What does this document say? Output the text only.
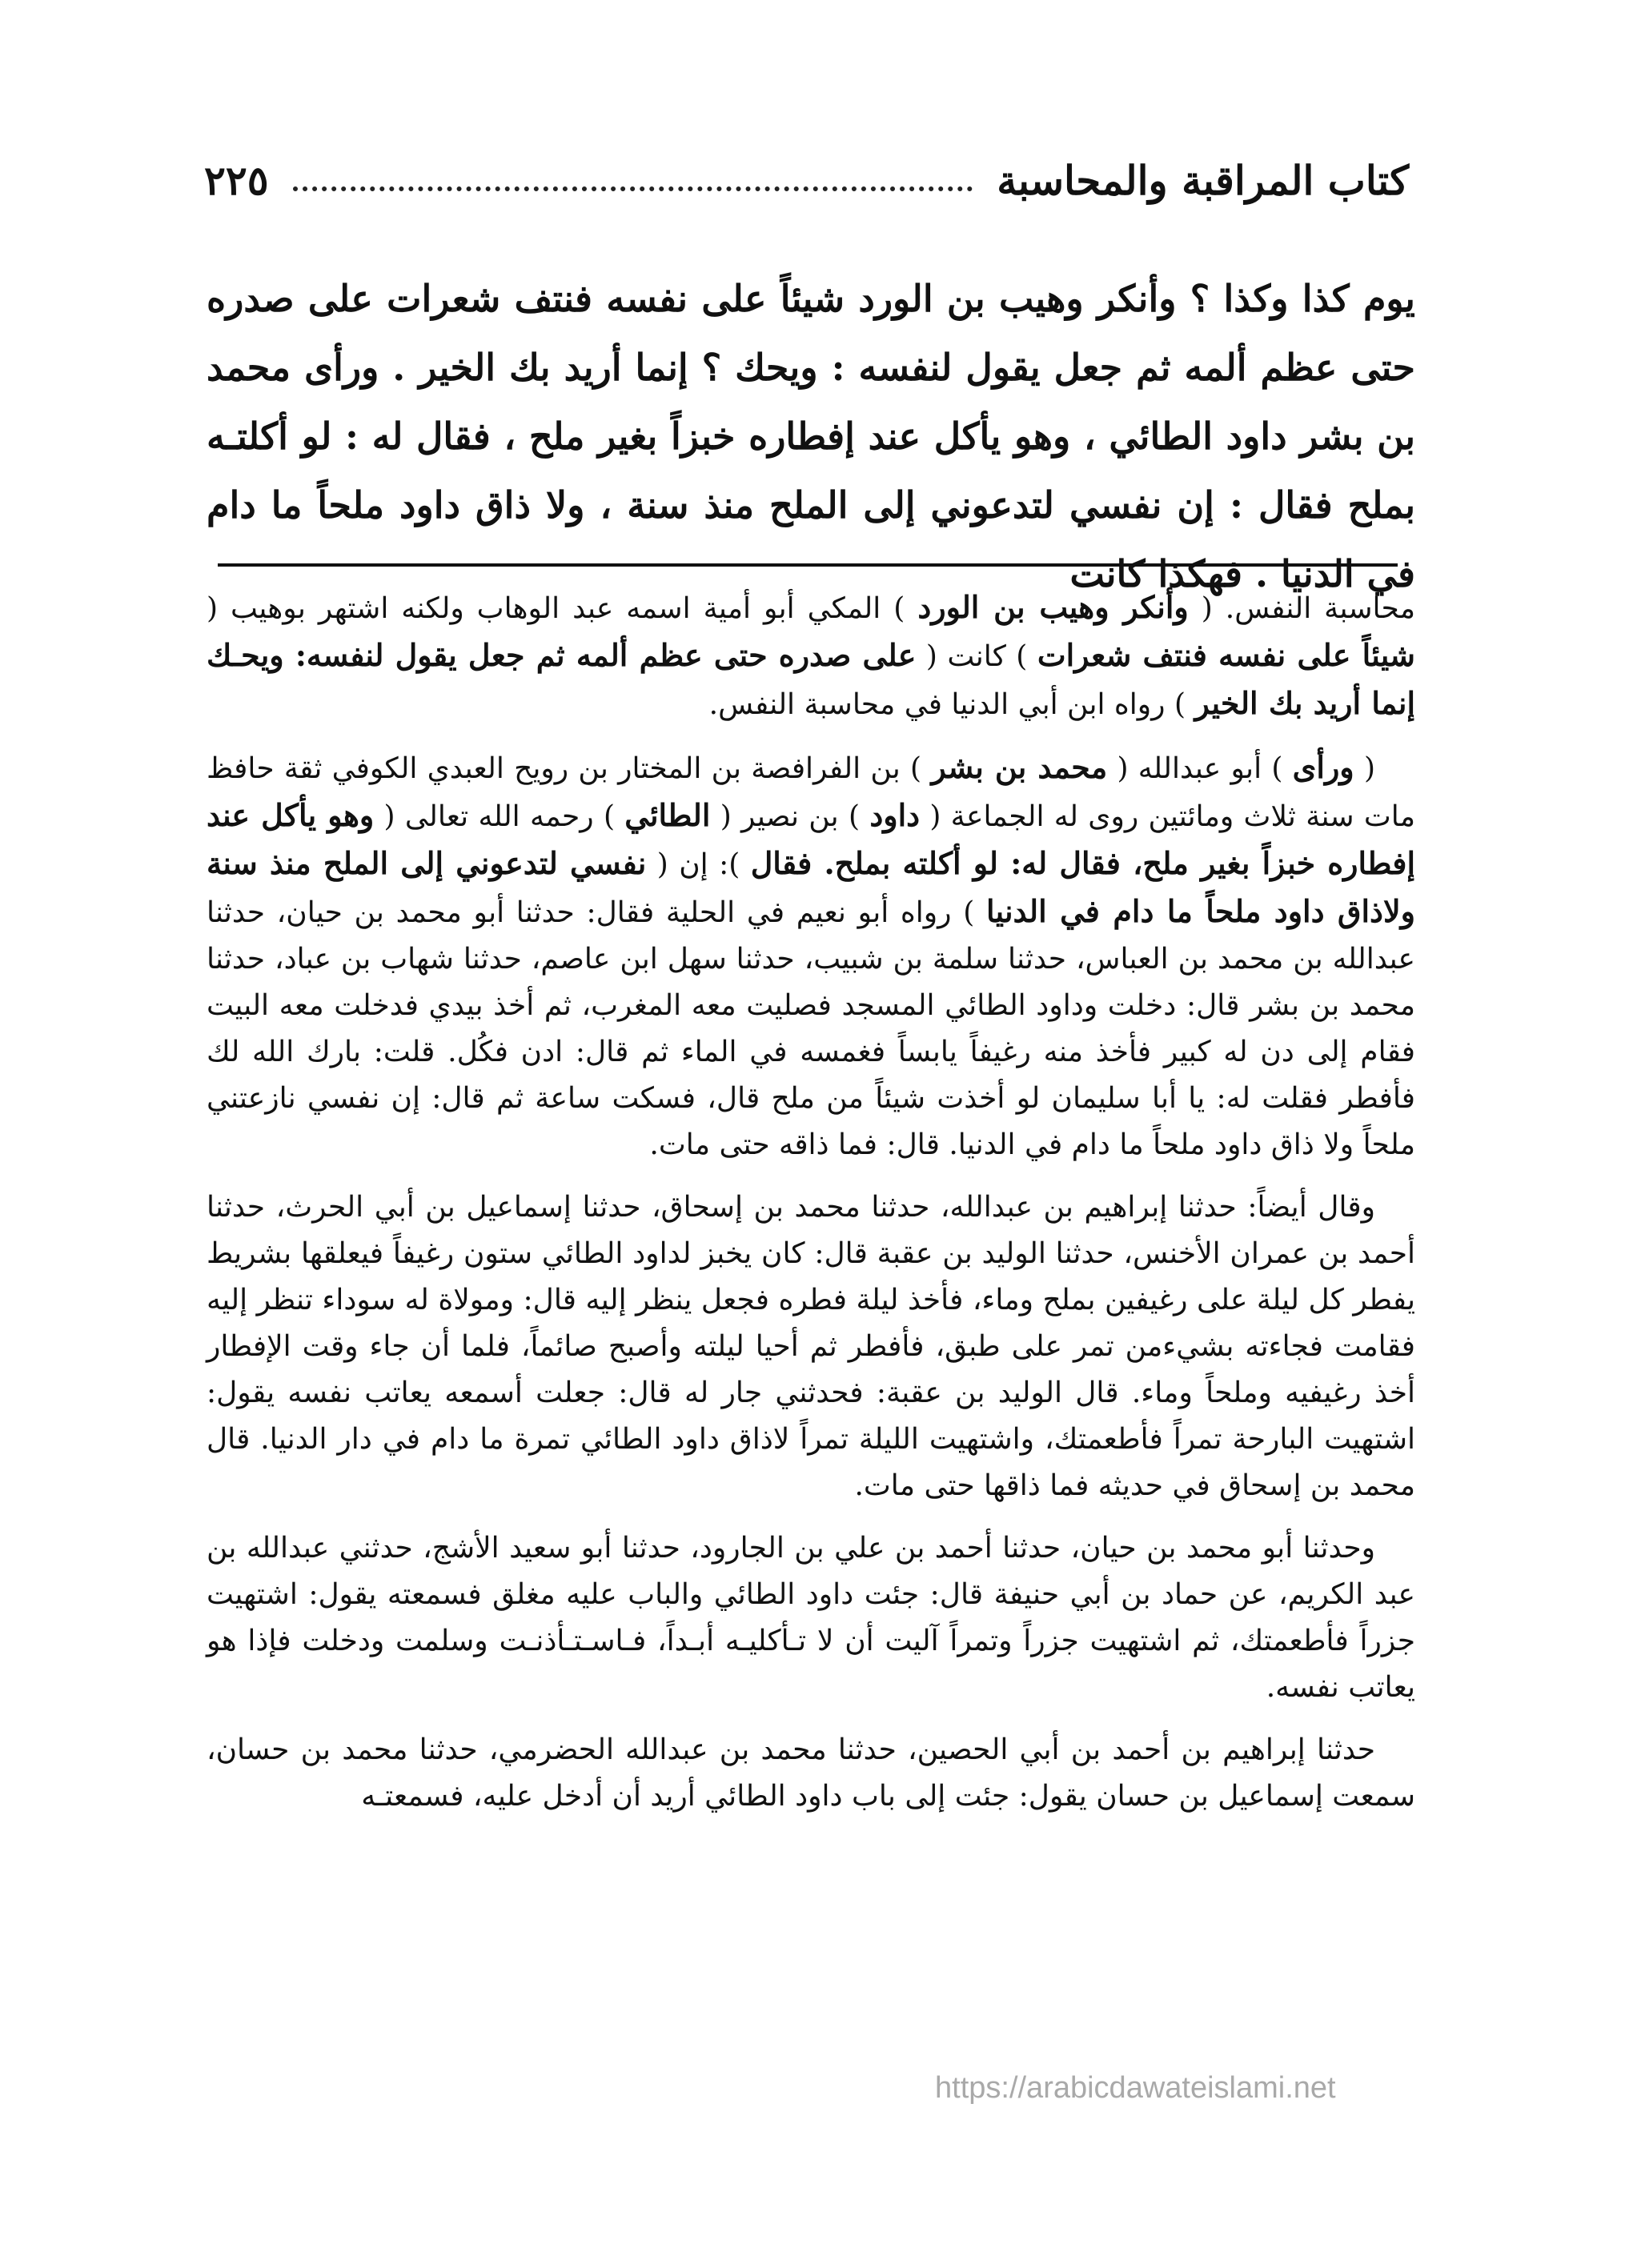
كتاب المراقبة والمحاسبة
٢٢٥

يوم كذا وكذا ؟ وأنكر وهيب بن الورد شيئاً على نفسه فنتف شعرات على صدره حتى عظم ألمه ثم جعل يقول لنفسه : ويحك ؟ إنما أريد بك الخير . ورأى محمد بن بشر داود الطائي ، وهو يأكل عند إفطاره خبزاً بغير ملح ، فقال له : لو أكلتـه بملح فقال : إن نفسي لتدعوني إلى الملح منذ سنة ، ولا ذاق داود ملحاً ما دام في الدنيا . فهكذا كانت

محاسبة النفس. ( وأنكر وهيب بن الورد ) المكي أبو أمية اسمه عبد الوهاب ولكنه اشتهر بوهيب ( شيئاً على نفسه فنتف شعرات ) كانت ( على صدره حتى عظم ألمه ثم جعل يقول لنفسه: ويحـك إنما أريد بك الخير ) رواه ابن أبي الدنيا في محاسبة النفس.

( ورأى ) أبو عبدالله ( محمد بن بشر ) بن الفرافصة بن المختار بن رويح العبدي الكوفي ثقة حافظ مات سنة ثلاث ومائتين روى له الجماعة ( داود ) بن نصير ( الطائي ) رحمه الله تعالى ( وهو يأكل عند إفطاره خبزاً بغير ملح، فقال له: لو أكلته بملح. فقال ): إن ( نفسي لتدعوني إلى الملح منذ سنة ولاذاق داود ملحاً ما دام في الدنيا ) رواه أبو نعيم في الحلية فقال: حدثنا أبو محمد بن حيان، حدثنا عبدالله بن محمد بن العباس، حدثنا سلمة بن شبيب، حدثنا سهل ابن عاصم، حدثنا شهاب بن عباد، حدثنا محمد بن بشر قال: دخلت وداود الطائي المسجد فصليت معه المغرب، ثم أخذ بيدي فدخلت معه البيت فقام إلى دن له كبير فأخذ منه رغيفاً يابساً فغمسه في الماء ثم قال: ادن فكُل. قلت: بارك الله لك فأفطر فقلت له: يا أبا سليمان لو أخذت شيئاً من ملح قال، فسكت ساعة ثم قال: إن نفسي نازعتني ملحاً ولا ذاق داود ملحاً ما دام في الدنيا. قال: فما ذاقه حتى مات.

وقال أيضاً: حدثنا إبراهيم بن عبدالله، حدثنا محمد بن إسحاق، حدثنا إسماعيل بن أبي الحرث، حدثنا أحمد بن عمران الأخنس، حدثنا الوليد بن عقبة قال: كان يخبز لداود الطائي ستون رغيفاً فيعلقها بشريط يفطر كل ليلة على رغيفين بملح وماء، فأخذ ليلة فطره فجعل ينظر إليه قال: ومولاة له سوداء تنظر إليه فقامت فجاءته بشيءمن تمر على طبق، فأفطر ثم أحيا ليلته وأصبح صائماً، فلما أن جاء وقت الإفطار أخذ رغيفيه وملحاً وماء. قال الوليد بن عقبة: فحدثني جار له قال: جعلت أسمعه يعاتب نفسه يقول: اشتهيت البارحة تمراً فأطعمتك، واشتهيت الليلة تمراً لاذاق داود الطائي تمرة ما دام في دار الدنيا. قال محمد بن إسحاق في حديثه فما ذاقها حتى مات.

وحدثنا أبو محمد بن حيان، حدثنا أحمد بن علي بن الجارود، حدثنا أبو سعيد الأشج، حدثني عبدالله بن عبد الكريم، عن حماد بن أبي حنيفة قال: جئت داود الطائي والباب عليه مغلق فسمعته يقول: اشتهيت جزراً فأطعمتك، ثم اشتهيت جزراً وتمراً آليت أن لا تـأكليـه أبـداً، فـاسـتـأذنـت وسلمت ودخلت فإذا هو يعاتب نفسه.

حدثنا إبراهيم بن أحمد بن أبي الحصين، حدثنا محمد بن عبدالله الحضرمي، حدثنا محمد بن حسان، سمعت إسماعيل بن حسان يقول: جئت إلى باب داود الطائي أريد أن أدخل عليه، فسمعتـه

https://arabicdawateislami.net
